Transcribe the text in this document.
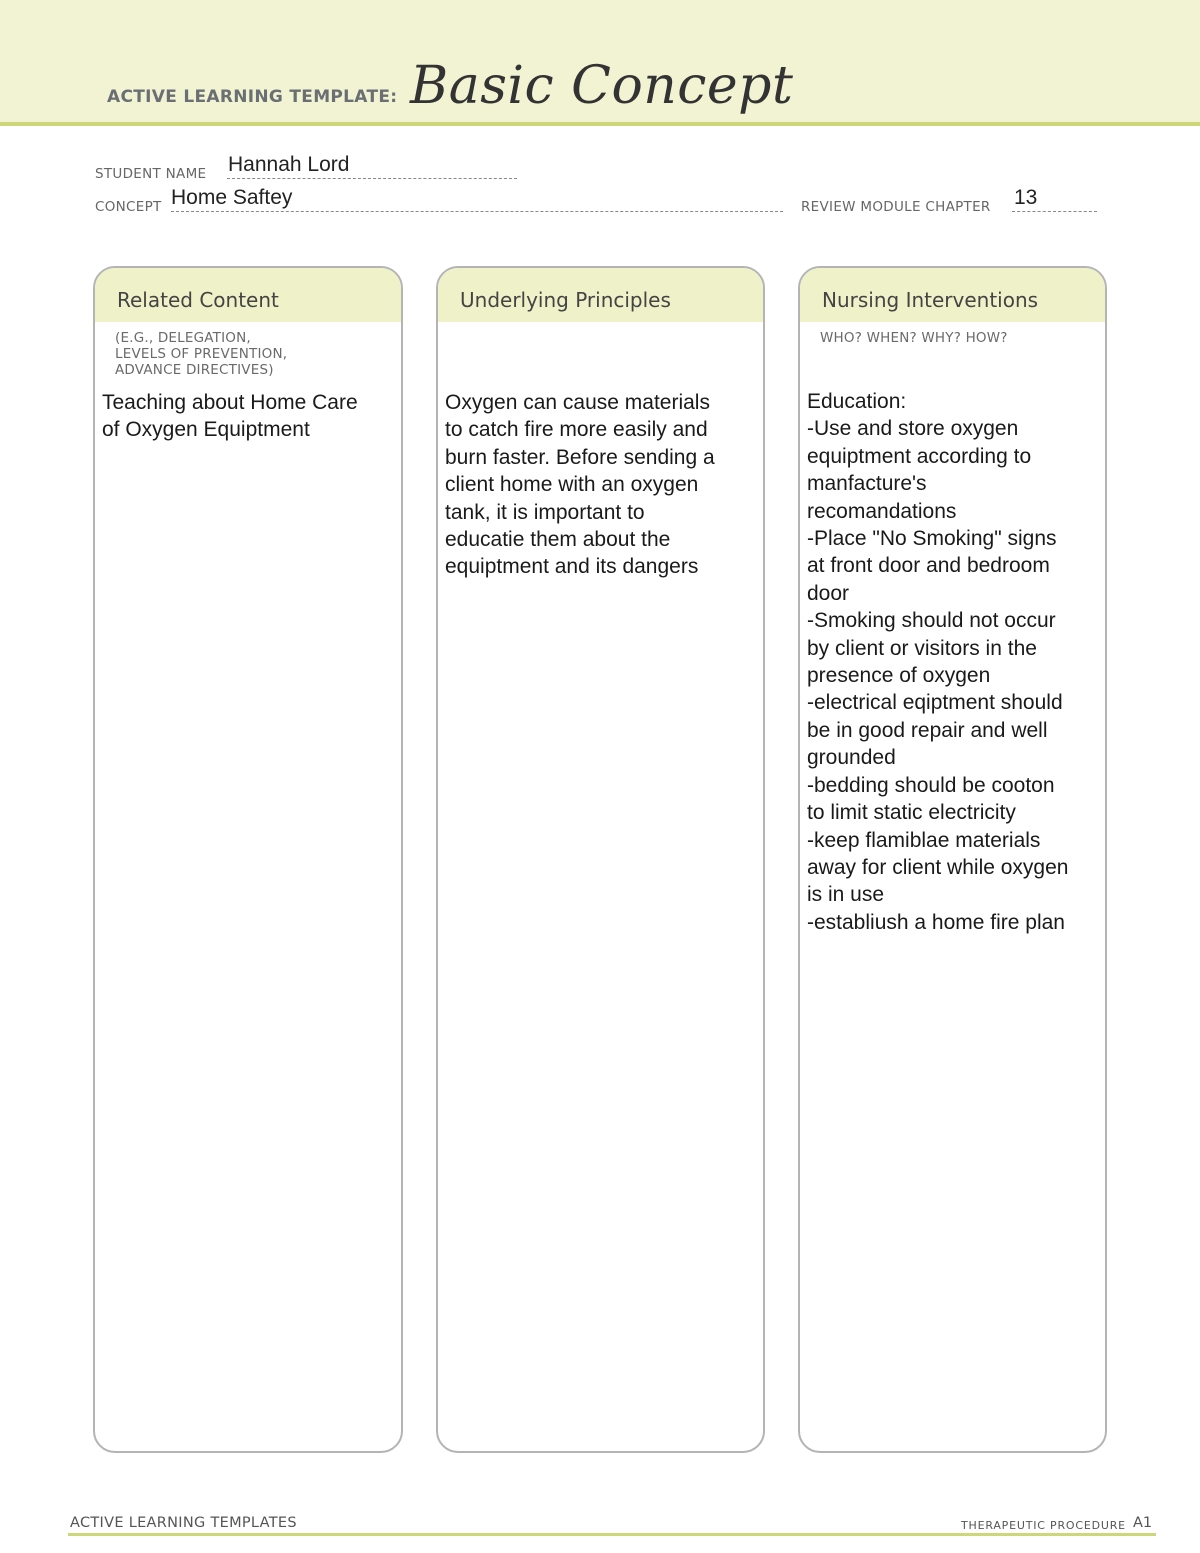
ACTIVE LEARNING TEMPLATE: Basic Concept
STUDENT NAME Hannah Lord
CONCEPT Home Saftey	REVIEW MODULE CHAPTER 13
Related Content
(E.G., DELEGATION,
LEVELS OF PREVENTION,
ADVANCE DIRECTIVES)
Teaching about Home Care
of Oxygen Equiptment
Underlying Principles
Oxygen can cause materials
to catch fire more easily and
burn faster. Before sending a
client home with an oxygen
tank, it is important to
educatie them about the
equiptment and its dangers
Nursing Interventions
WHO? WHEN? WHY? HOW?
Education:
-Use and store oxygen
equiptment according to
manfacture's
recomandations
-Place "No Smoking" signs
at front door and bedroom
door
-Smoking should not occur
by client or visitors in the
presence of oxygen
-electrical eqiptment should
be in good repair and well
grounded
-bedding should be cooton
to limit static electricity
-keep flamiblae materials
away for client while oxygen
is in use
-establiush a home fire plan
ACTIVE LEARNING TEMPLATES	THERAPEUTIC PROCEDURE A1
